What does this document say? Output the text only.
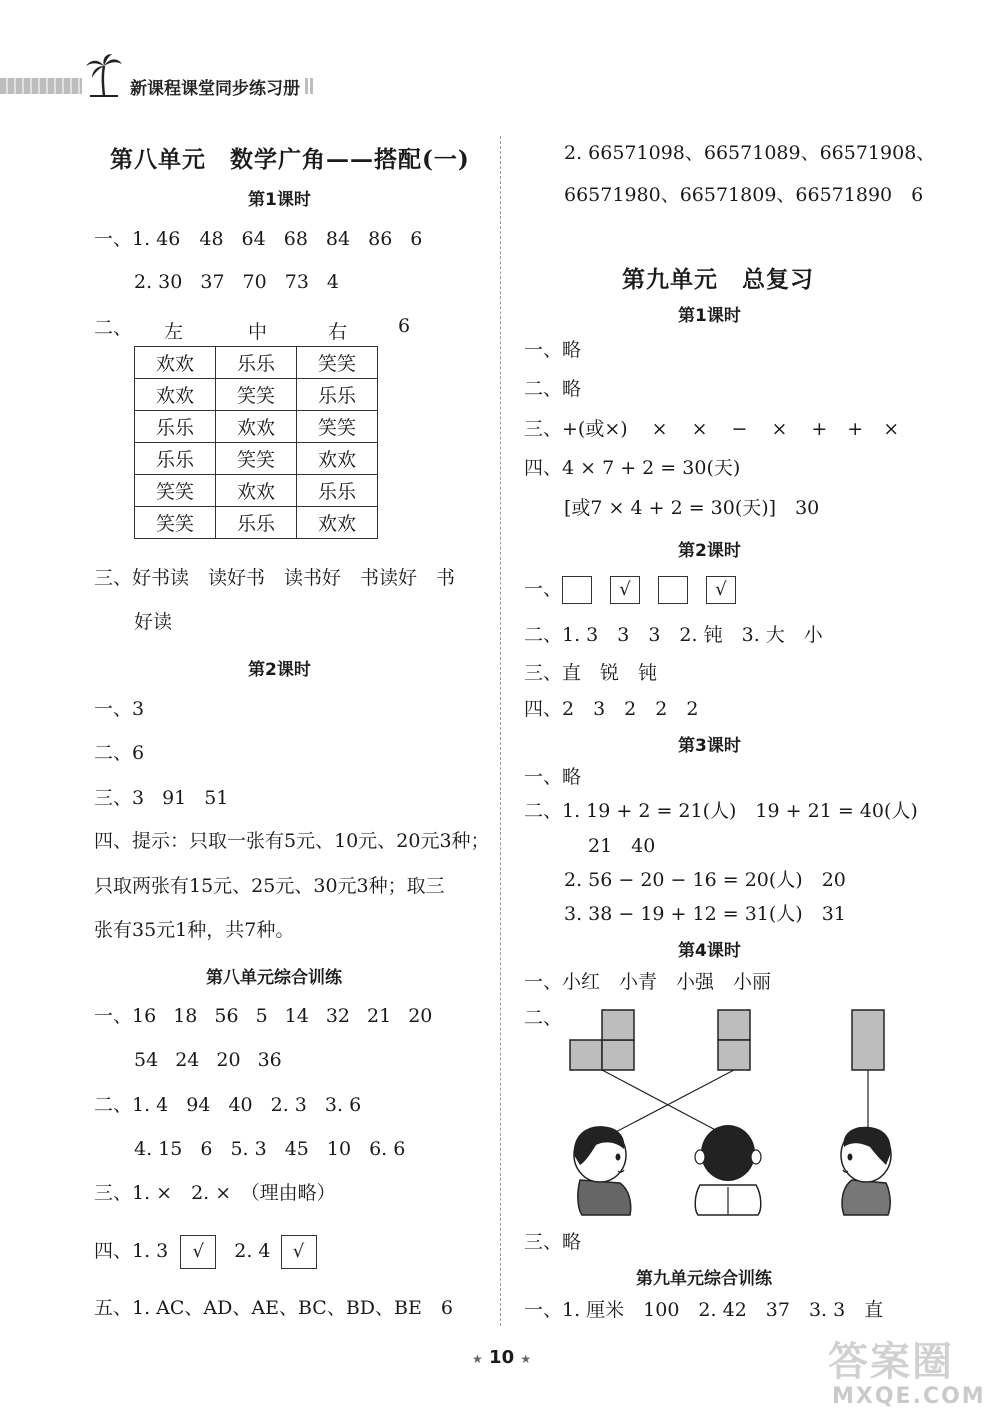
新课程课堂同步练习册
第八单元　数学广角——搭配(一)
第1课时
一、1. 46 48 64 68 84 86 6
2. 30 37 70 73 4
二、 左	中	右	6
欢欢	乐乐	笑笑
欢欢	笑笑	乐乐
乐乐	欢欢	笑笑
乐乐	笑笑	欢欢
笑笑	欢欢	乐乐
笑笑	乐乐	欢欢
三、好书读　读好书　读书好　书读好　书
好读
第2课时
一、3
二、6
三、3 91 51
四、提示：只取一张有5元、10元、20元3种；
只取两张有15元、25元、30元3种；取三
张有35元1种，共7种。
第八单元综合训练
一、16 18 56 5 14 32 21 20
54 24 20 36
二、1. 4 94 40 2. 3 3. 6
4. 15 6 5. 3 45 10 6. 6
三、1. ×　2. ×　（理由略）
四、1. 3 √ 2. 4 √
五、1. AC、AD、AE、BC、BD、BE　6
2. 66571098、66571089、66571908、
66571980、66571809、66571890　6
第九单元　总复习
第1课时
一、略
二、略
三、+(或×) × × − × + + ×
四、4 × 7 + 2 = 30(天)
[或7 × 4 + 2 = 30(天)]　30
第2课时
一、	√	√
二、1. 3　3　3　2. 钝　3. 大　小
三、直　锐　钝
四、2　3　2　2　2
第3课时
一、略
二、1. 19 + 2 = 21(人)　19 + 21 = 40(人)
21　40
2. 56 − 20 − 16 = 20(人)　20
3. 38 − 19 + 12 = 31(人)　31
第4课时
一、小红　小青　小强　小丽
二、
三、略
第九单元综合训练
一、1. 厘米　100　2. 42　37　3. 3　直
★ 10 ★	答案圈
MXQE.COM
